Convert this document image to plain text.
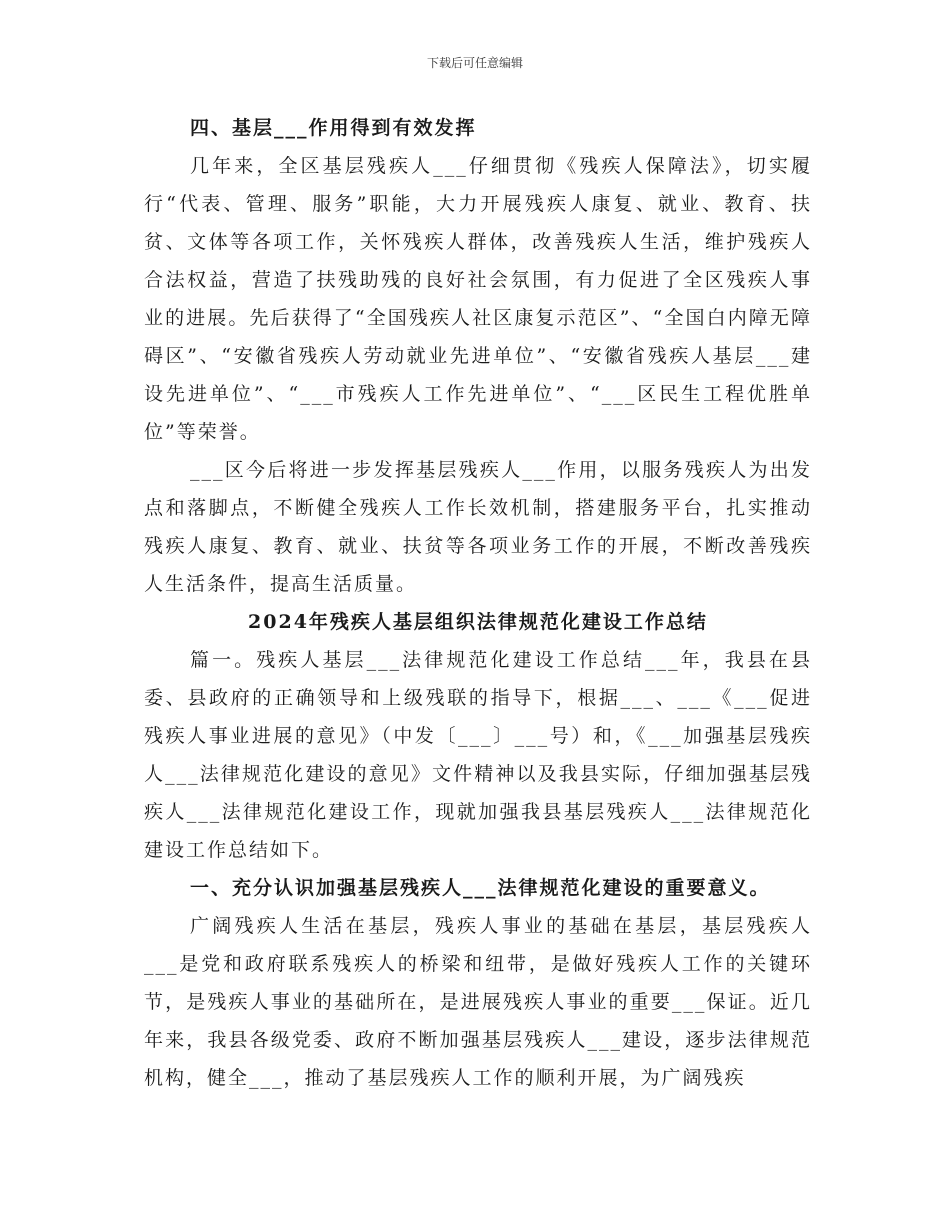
下载后可任意编辑

四、基层___作用得到有效发挥

几年来，全区基层残疾人___仔细贯彻《残疾人保障法》，切实履行“代表、管理、服务”职能，大力开展残疾人康复、就业、教育、扶贫、文体等各项工作，关怀残疾人群体，改善残疾人生活，维护残疾人合法权益，营造了扶残助残的良好社会氛围，有力促进了全区残疾人事业的进展。先后获得了“全国残疾人社区康复示范区”、“全国白内障无障碍区”、“安徽省残疾人劳动就业先进单位”、“安徽省残疾人基层___建设先进单位”、“___市残疾人工作先进单位”、“___区民生工程优胜单位”等荣誉。

___区今后将进一步发挥基层残疾人___作用，以服务残疾人为出发点和落脚点，不断健全残疾人工作长效机制，搭建服务平台，扎实推动残疾人康复、教育、就业、扶贫等各项业务工作的开展，不断改善残疾人生活条件，提高生活质量。

2024年残疾人基层组织法律规范化建设工作总结

篇一。残疾人基层___法律规范化建设工作总结___年，我县在县委、县政府的正确领导和上级残联的指导下，根据___、___《___促进残疾人事业进展的意见》（中发〔___〕___号）和，《___加强基层残疾人___法律规范化建设的意见》文件精神以及我县实际，仔细加强基层残疾人___法律规范化建设工作，现就加强我县基层残疾人___法律规范化建设工作总结如下。

一、充分认识加强基层残疾人___法律规范化建设的重要意义。

广阔残疾人生活在基层，残疾人事业的基础在基层，基层残疾人___是党和政府联系残疾人的桥梁和纽带，是做好残疾人工作的关键环节，是残疾人事业的基础所在，是进展残疾人事业的重要___保证。近几年来，我县各级党委、政府不断加强基层残疾人___建设，逐步法律规范机构，健全___，推动了基层残疾人工作的顺利开展，为广阔残疾
